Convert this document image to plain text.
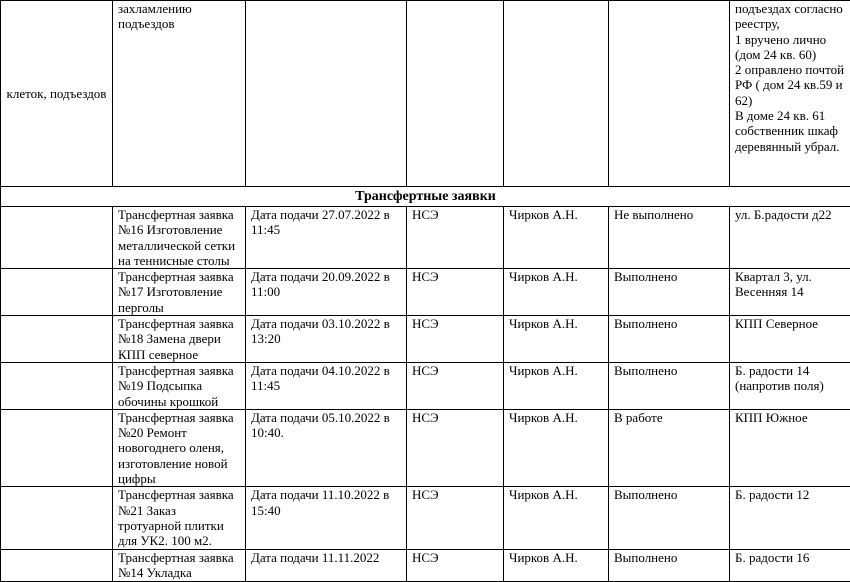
клеток, подъездов	захламлению подъездов					подъездах согласно реестру,
1 вручено лично (дом 24 кв. 60)
2 оправлено почтой РФ ( дом 24 кв.59 и 62)
В доме 24 кв. 61 собственник шкаф деревянный убрал.

Трансфертные заявки						
	Трансфертная заявка №16 Изготовление металлической сетки на теннисные столы	Дата подачи 27.07.2022 в 11:45	НСЭ	Чирков А.Н.	Не выполнено	ул. Б.радости д22
	Трансфертная заявка №17 Изготовление перголы	Дата подачи 20.09.2022 в 11:00	НСЭ	Чирков А.Н.	Выполнено	Квартал 3, ул. Весенняя 14
	Трансфертная заявка №18 Замена двери КПП северное	Дата подачи 03.10.2022 в 13:20	НСЭ	Чирков А.Н.	Выполнено	КПП Северное
	Трансфертная заявка №19 Подсыпка обочины крошкой	Дата подачи 04.10.2022 в 11:45	НСЭ	Чирков А.Н.	Выполнено	Б. радости 14 (напротив поля)
	Трансфертная заявка №20 Ремонт новогоднего оленя, изготовление новой цифры	Дата подачи 05.10.2022 в 10:40.	НСЭ	Чирков А.Н.	В работе	КПП Южное
	Трансфертная заявка №21 Заказ тротуарной плитки для УК2. 100 м2.	Дата подачи 11.10.2022 в 15:40	НСЭ	Чирков А.Н.	Выполнено	Б. радости 12
	Трансфертная заявка №14 Укладка	Дата подачи 11.11.2022	НСЭ	Чирков А.Н.	Выполнено	Б. радости 16
